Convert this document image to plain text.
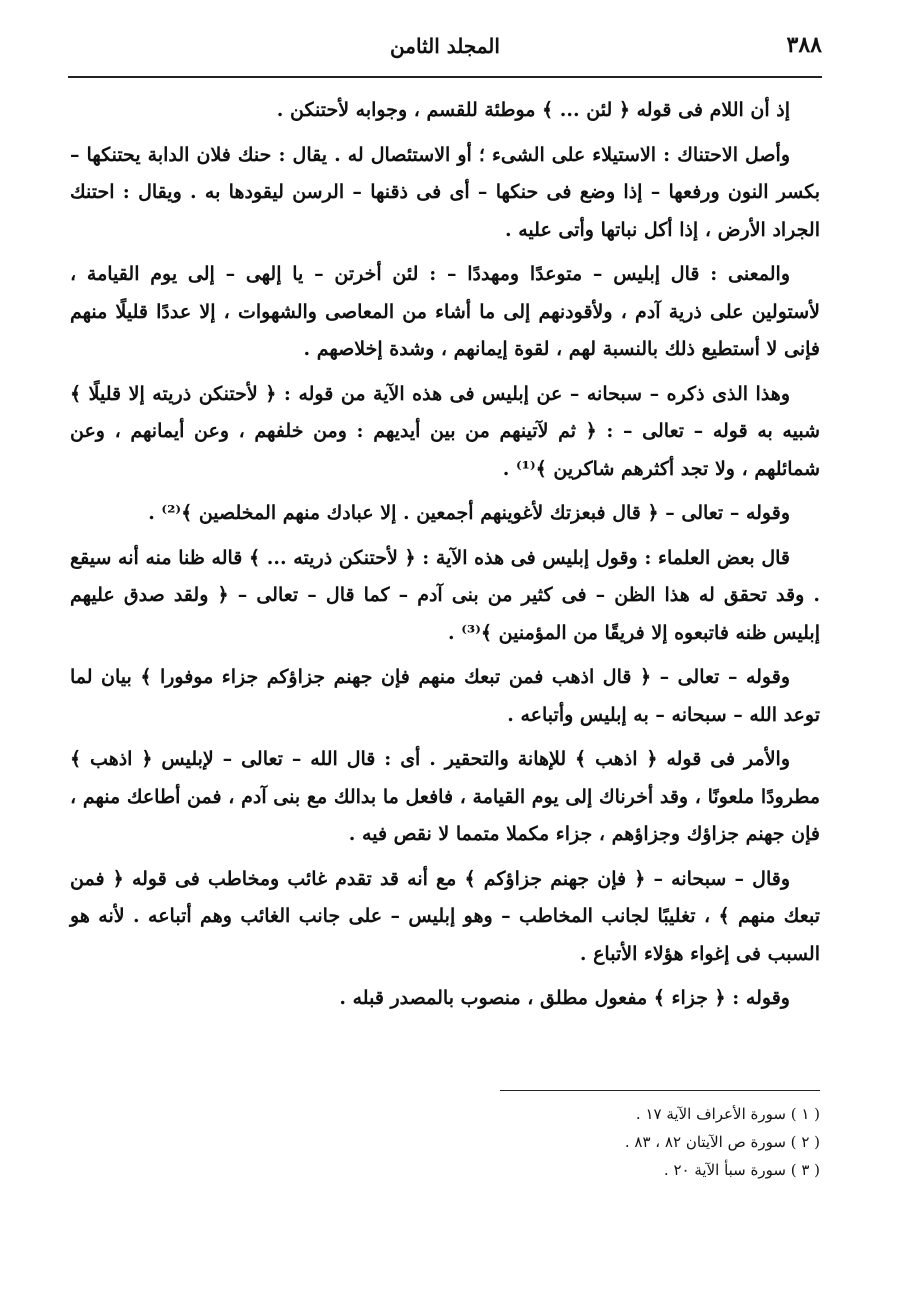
٣٨٨
المجلد الثامن

إذ أن اللام فى قوله ﴿ لئن ... ﴾ موطئة للقسم ، وجوابه لأحتنكن .

وأصل الاحتناك : الاستيلاء على الشىء ؛ أو الاستئصال له . يقال : حنك فلان الدابة يحتنكها – بكسر النون ورفعها – إذا وضع فى حنكها – أى فى ذقنها – الرسن ليقودها به . ويقال : احتنك الجراد الأرض ، إذا أكل نباتها وأتى عليه .

والمعنى : قال إبليس – متوعدًا ومهددًا – : لئن أخرتن – يا إلهى – إلى يوم القيامة ، لأستولين على ذرية آدم ، ولأقودنهم إلى ما أشاء من المعاصى والشهوات ، إلا عددًا قليلًا منهم فإنى لا أستطيع ذلك بالنسبة لهم ، لقوة إيمانهم ، وشدة إخلاصهم .

وهذا الذى ذكره – سبحانه – عن إبليس فى هذه الآية من قوله : ﴿ لأحتنكن ذريته إلا قليلًا ﴾ شبيه به قوله – تعالى – : ﴿ ثم لآتينهم من بين أيديهم : ومن خلفهم ، وعن أيمانهم ، وعن شمائلهم ، ولا تجد أكثرهم شاكرين ﴾⁽¹⁾ .

وقوله – تعالى – ﴿ قال فبعزتك لأغوينهم أجمعين . إلا عبادك منهم المخلصين ﴾⁽²⁾ .

قال بعض العلماء : وقول إبليس فى هذه الآية : ﴿ لأحتنكن ذريته ... ﴾ قاله ظنا منه أنه سيقع . وقد تحقق له هذا الظن – فى كثير من بنى آدم – كما قال – تعالى – ﴿ ولقد صدق عليهم إبليس ظنه فاتبعوه إلا فريقًا من المؤمنين ﴾⁽³⁾ .

وقوله – تعالى – ﴿ قال اذهب فمن تبعك منهم فإن جهنم جزاؤكم جزاء موفورا ﴾ بيان لما توعد الله – سبحانه – به إبليس وأتباعه .

والأمر فى قوله ﴿ اذهب ﴾ للإهانة والتحقير . أى : قال الله – تعالى – لإبليس ﴿ اذهب ﴾ مطرودًا ملعونًا ، وقد أخرناك إلى يوم القيامة ، فافعل ما بدالك مع بنى آدم ، فمن أطاعك منهم ، فإن جهنم جزاؤك وجزاؤهم ، جزاء مكملا متمما لا نقص فيه .

وقال – سبحانه – ﴿ فإن جهنم جزاؤكم ﴾ مع أنه قد تقدم غائب ومخاطب فى قوله ﴿ فمن تبعك منهم ﴾ ، تغليبًا لجانب المخاطب – وهو إبليس – على جانب الغائب وهم أتباعه . لأنه هو السبب فى إغواء هؤلاء الأتباع .

وقوله : ﴿ جزاء ﴾ مفعول مطلق ، منصوب بالمصدر قبله .

( ١ ) سورة الأعراف الآية ١٧ .

( ٢ ) سورة ص الآيتان ٨٢ ، ٨٣ .

( ٣ ) سورة سبأ الآية ٢٠ .
